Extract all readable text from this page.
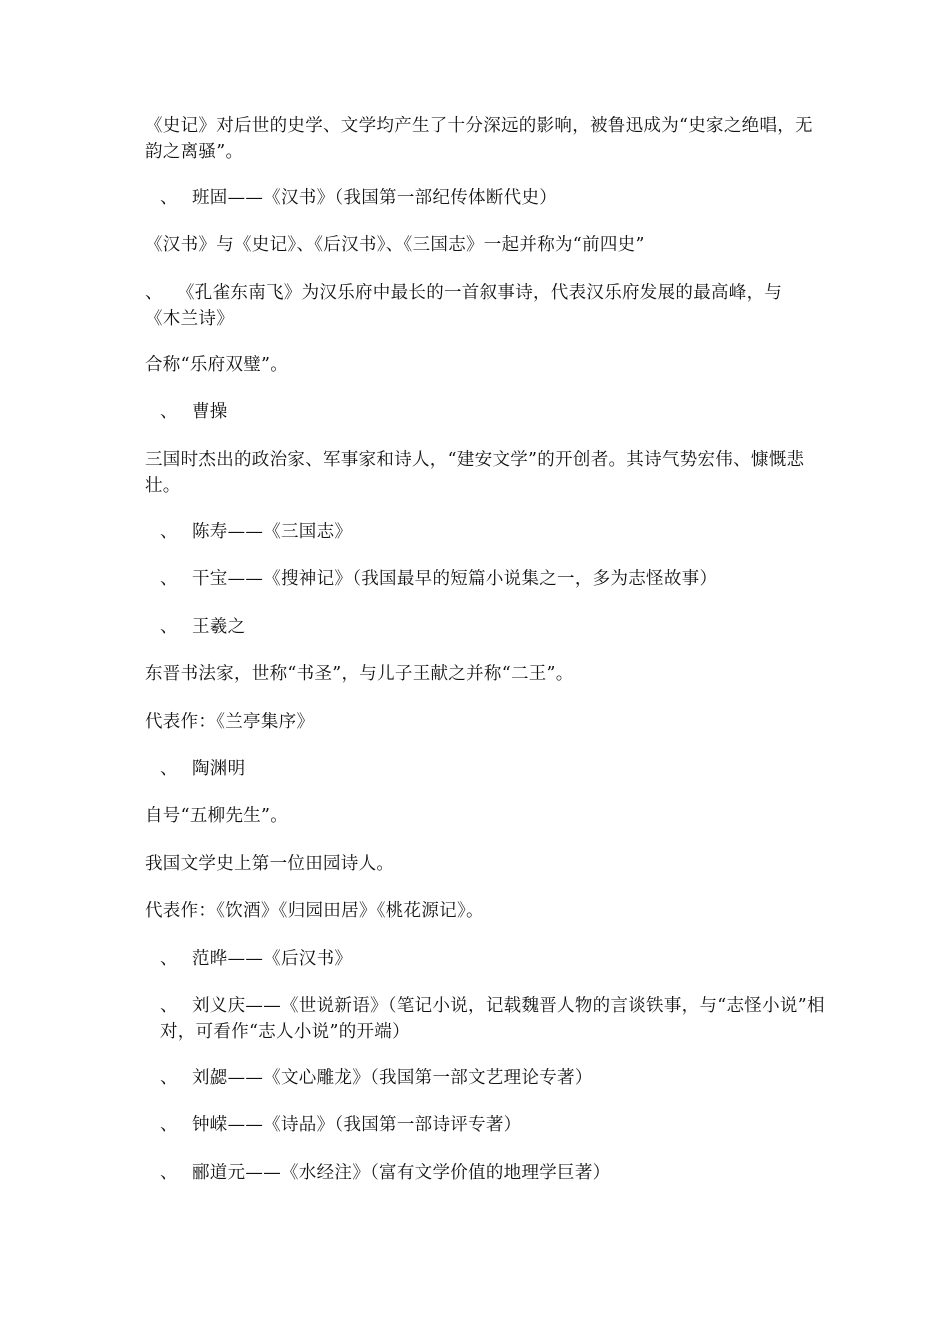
《史记》对后世的史学、文学均产生了十分深远的影响，被鲁迅成为“史家之绝唱，无韵之离骚”。

、 班固——《汉书》（我国第一部纪传体断代史）

《汉书》与《史记》、《后汉书》、《三国志》一起并称为“前四史”

、 《孔雀东南飞》为汉乐府中最长的一首叙事诗，代表汉乐府发展的最高峰，与《木兰诗》

合称“乐府双璧”。

、 曹操

三国时杰出的政治家、军事家和诗人，“建安文学”的开创者。其诗气势宏伟、慷慨悲壮。

、 陈寿——《三国志》

、 干宝——《搜神记》（我国最早的短篇小说集之一，多为志怪故事）

、 王羲之

东晋书法家，世称“书圣”，与儿子王献之并称“二王”。

代表作：《兰亭集序》

、 陶渊明

自号“五柳先生”。

我国文学史上第一位田园诗人。

代表作：《饮酒》《归园田居》《桃花源记》。

、 范晔——《后汉书》

、 刘义庆——《世说新语》（笔记小说，记载魏晋人物的言谈铁事，与“志怪小说”相对，可看作“志人小说”的开端）

、 刘勰——《文心雕龙》（我国第一部文艺理论专著）

、 钟嵘——《诗品》（我国第一部诗评专著）

、 郦道元——《水经注》（富有文学价值的地理学巨著）
